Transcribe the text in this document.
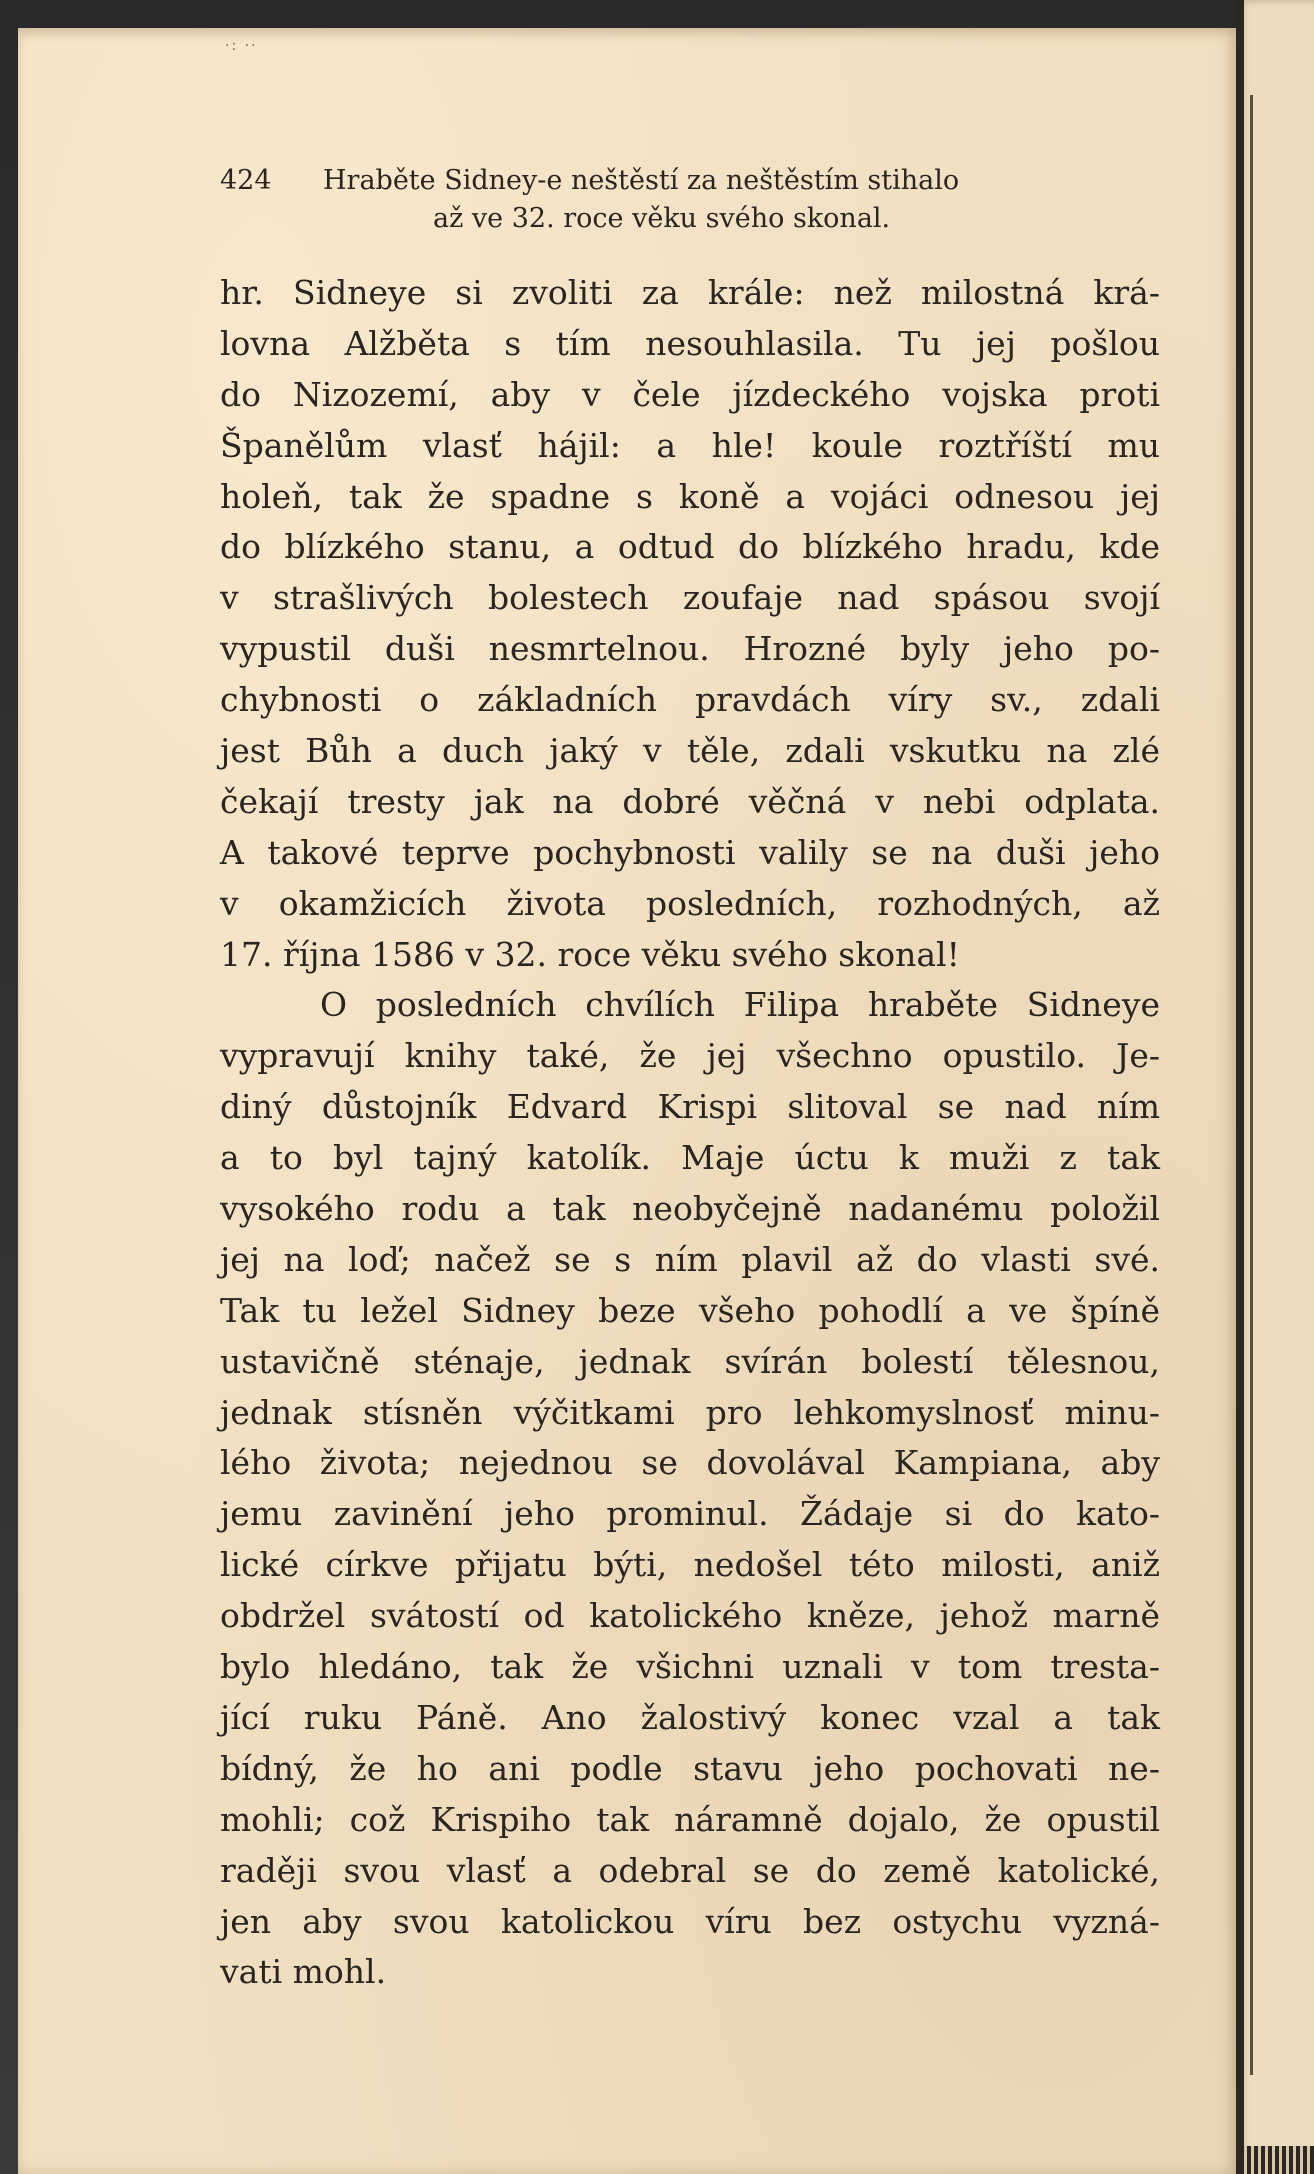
·: ··
424 Hraběte Sidney-e neštěstí za neštěstím stihalo
až ve 32. roce věku svého skonal.
hr. Sidneye si zvoliti za krále: než milostná krá-
lovna Alžběta s tím nesouhlasila. Tu jej pošlou
do Nizozemí, aby v čele jízdeckého vojska proti
Španělům vlasť hájil: a hle! koule roztříští mu
holeň, tak že spadne s koně a vojáci odnesou jej
do blízkého stanu, a odtud do blízkého hradu, kde
v strašlivých bolestech zoufaje nad spásou svojí
vypustil duši nesmrtelnou. Hrozné byly jeho po-
chybnosti o základních pravdách víry sv., zdali
jest Bůh a duch jaký v těle, zdali vskutku na zlé
čekají tresty jak na dobré věčná v nebi odplata.
A takové teprve pochybnosti valily se na duši jeho
v okamžicích života posledních, rozhodných, až
17. října 1586 v 32. roce věku svého skonal!
O posledních chvílích Filipa hraběte Sidneye
vypravují knihy také, že jej všechno opustilo. Je-
diný důstojník Edvard Krispi slitoval se nad ním
a to byl tajný katolík. Maje úctu k muži z tak
vysokého rodu a tak neobyčejně nadanému položil
jej na loď; načež se s ním plavil až do vlasti své.
Tak tu ležel Sidney beze všeho pohodlí a ve špíně
ustavičně sténaje, jednak svírán bolestí tělesnou,
jednak stísněn výčitkami pro lehkomyslnosť minu-
lého života; nejednou se dovolával Kampiana, aby
jemu zavinění jeho prominul. Žádaje si do kato-
lické církve přijatu býti, nedošel této milosti, aniž
obdržel svátostí od katolického kněze, jehož marně
bylo hledáno, tak že všichni uznali v tom tresta-
jící ruku Páně. Ano žalostivý konec vzal a tak
bídný, že ho ani podle stavu jeho pochovati ne-
mohli; což Krispiho tak náramně dojalo, že opustil
raději svou vlasť a odebral se do země katolické,
jen aby svou katolickou víru bez ostychu vyzná-
vati mohl.
